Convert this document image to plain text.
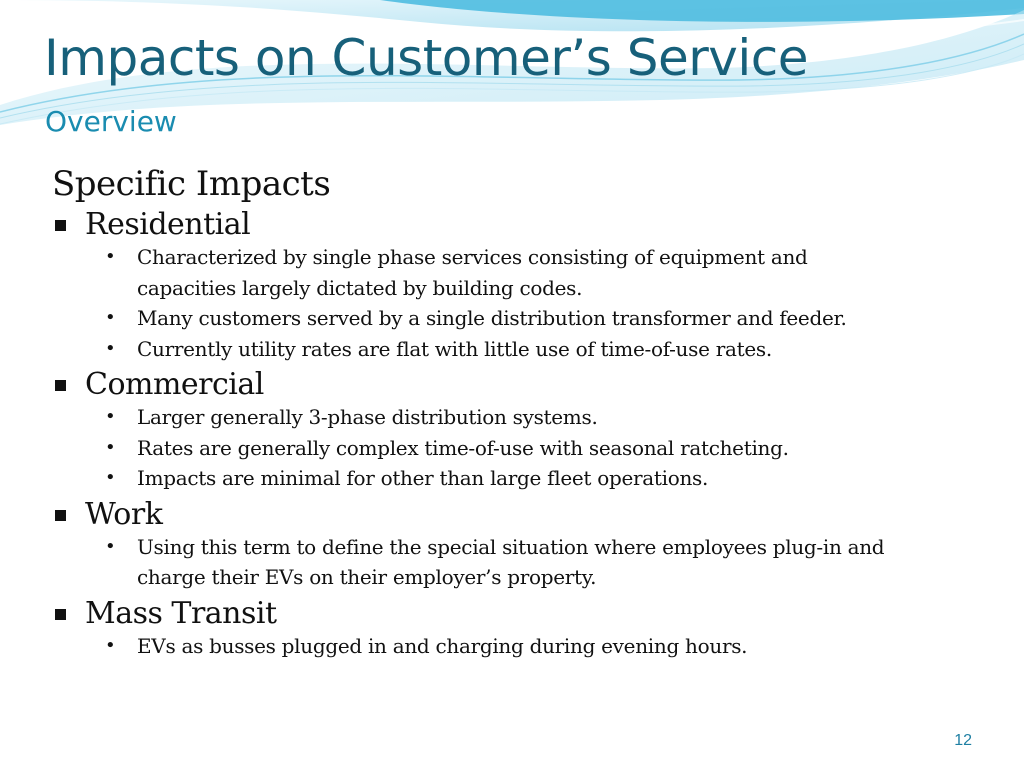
Impacts on Customer’s Service
Overview
Specific Impacts
Residential
• Characterized by single phase services consisting of equipment and capacities largely dictated by building codes.
• Many customers served by a single distribution transformer and feeder.
• Currently utility rates are flat with little use of time-of-use rates.
Commercial
• Larger generally 3-phase distribution systems.
• Rates are generally complex time-of-use with seasonal ratcheting.
• Impacts are minimal for other than large fleet operations.
Work
• Using this term to define the special situation where employees plug-in and charge their EVs on their employer’s property.
Mass Transit
• EVs as busses plugged in and charging during evening hours.
12
